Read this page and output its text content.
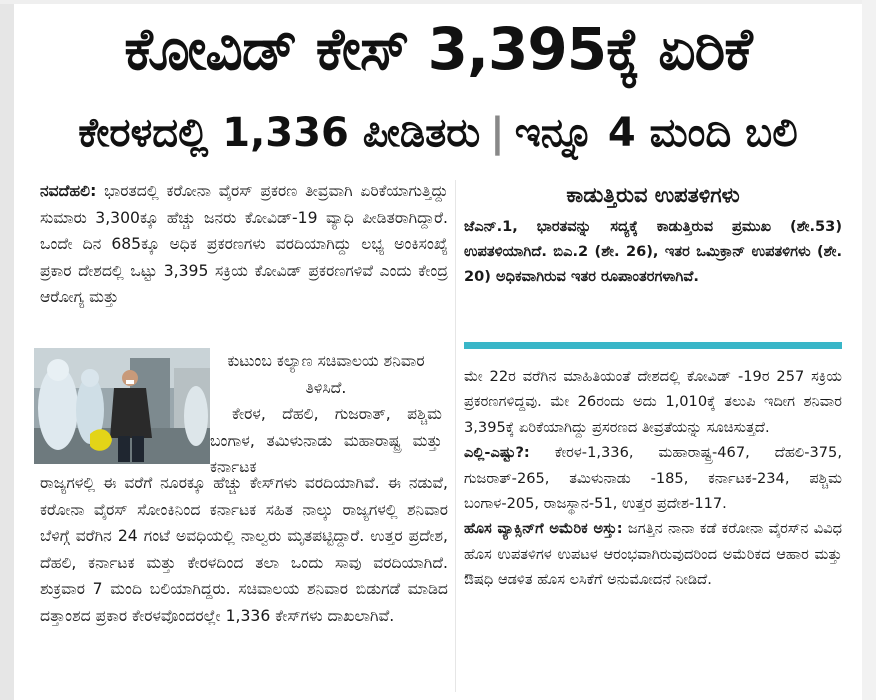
ಕೋವಿಡ್ ಕೇಸ್ 3,395ಕ್ಕೆ ಏರಿಕೆ
ಕೇರಳದಲ್ಲಿ 1,336 ಪೀಡಿತರು | ಇನ್ನೂ 4 ಮಂದಿ ಬಲಿ

ನವದೆಹಲಿ: ಭಾರತದಲ್ಲಿ ಕರೋನಾ ವೈರಸ್ ಪ್ರಕರಣ ತೀವ್ರವಾಗಿ ಏರಿಕೆಯಾಗುತ್ತಿದ್ದು ಸುಮಾರು 3,300ಕ್ಕೂ ಹೆಚ್ಚು ಜನರು ಕೋವಿಡ್-19 ವ್ಯಾಧಿ ಪೀಡಿತರಾಗಿದ್ದಾರೆ. ಒಂದೇ ದಿನ 685ಕ್ಕೂ ಅಧಿಕ ಪ್ರಕರಣಗಳು ವರದಿಯಾಗಿದ್ದು ಲಭ್ಯ ಅಂಕಿಸಂಖ್ಯೆ ಪ್ರಕಾರ ದೇಶದಲ್ಲಿ ಒಟ್ಟು 3,395 ಸಕ್ರಿಯ ಕೋವಿಡ್ ಪ್ರಕರಣಗಳಿವೆ ಎಂದು ಕೇಂದ್ರ ಆರೋಗ್ಯ ಮತ್ತು

ಕುಟುಂಬ ಕಲ್ಯಾಣ ಸಚಿವಾಲಯ ಶನಿವಾರ ತಿಳಿಸಿದೆ.

ಕೇರಳ, ದೆಹಲಿ, ಗುಜರಾತ್, ಪಶ್ಚಿಮ ಬಂಗಾಳ, ತಮಿಳುನಾಡು ಮಹಾರಾಷ್ಟ್ರ ಮತ್ತು ಕರ್ನಾಟಕ

ರಾಜ್ಯಗಳಲ್ಲಿ ಈ ವರೆಗೆ ನೂರಕ್ಕೂ ಹೆಚ್ಚು ಕೇಸ್‌ಗಳು ವರದಿಯಾಗಿವೆ. ಈ ನಡುವೆ, ಕರೋನಾ ವೈರಸ್ ಸೋಂಕಿನಿಂದ ಕರ್ನಾಟಕ ಸಹಿತ ನಾಲ್ಕು ರಾಜ್ಯಗಳಲ್ಲಿ ಶನಿವಾರ ಬೆಳಿಗ್ಗೆ ವರೆಗಿನ 24 ಗಂಟೆ ಅವಧಿಯಲ್ಲಿ ನಾಲ್ವರು ಮೃತಪಟ್ಟಿದ್ದಾರೆ. ಉತ್ತರ ಪ್ರದೇಶ, ದೆಹಲಿ, ಕರ್ನಾಟಕ ಮತ್ತು ಕೇರಳದಿಂದ ತಲಾ ಒಂದು ಸಾವು ವರದಿಯಾಗಿದೆ. ಶುಕ್ರವಾರ 7 ಮಂದಿ ಬಲಿಯಾಗಿದ್ದರು. ಸಚಿವಾಲಯ ಶನಿವಾರ ಬಿಡುಗಡೆ ಮಾಡಿದ ದತ್ತಾಂಶದ ಪ್ರಕಾರ ಕೇರಳವೊಂದರಲ್ಲೇ 1,336 ಕೇಸ್‌ಗಳು ದಾಖಲಾಗಿವೆ.

ಕಾಡುತ್ತಿರುವ ಉಪತಳಿಗಳು

ಜೆಎನ್.1, ಭಾರತವನ್ನು ಸದ್ಯಕ್ಕೆ ಕಾಡುತ್ತಿರುವ ಪ್ರಮುಖ (ಶೇ.53) ಉಪತಳಿಯಾಗಿದೆ. ಬಿಎ.2 (ಶೇ. 26), ಇತರ ಒಮಿಕ್ರಾನ್ ಉಪತಳಿಗಳು (ಶೇ. 20) ಅಧಿಕವಾಗಿರುವ ಇತರ ರೂಪಾಂತರಗಳಾಗಿವೆ.

ಮೇ 22ರ ವರೆಗಿನ ಮಾಹಿತಿಯಂತೆ ದೇಶದಲ್ಲಿ ಕೋವಿಡ್ -19ರ 257 ಸಕ್ರಿಯ ಪ್ರಕರಣಗಳಿದ್ದವು. ಮೇ 26ರಂದು ಅದು 1,010ಕ್ಕೆ ತಲುಪಿ ಇದೀಗ ಶನಿವಾರ 3,395ಕ್ಕೆ ಏರಿಕೆಯಾಗಿದ್ದು ಪ್ರಸರಣದ ತೀವ್ರತೆಯನ್ನು ಸೂಚಿಸುತ್ತದೆ.

ಎಲ್ಲಿ-ಎಷ್ಟು?: ಕೇರಳ-1,336, ಮಹಾರಾಷ್ಟ್ರ-467, ದೆಹಲಿ-375, ಗುಜರಾತ್-265, ತಮಿಳುನಾಡು -185, ಕರ್ನಾಟಕ-234, ಪಶ್ಚಿಮ ಬಂಗಾಳ-205, ರಾಜಸ್ಥಾನ-51, ಉತ್ತರ ಪ್ರದೇಶ-117.

ಹೊಸ ವ್ಯಾಕ್ಸಿನ್‌ಗೆ ಅಮೆರಿಕ ಅಸ್ತು: ಜಗತ್ತಿನ ನಾನಾ ಕಡೆ ಕರೋನಾ ವೈರಸ್‌ನ ವಿವಿಧ ಹೊಸ ಉಪತಳಿಗಳ ಉಪಟಳ ಆರಂಭವಾಗಿರುವುದರಿಂದ ಅಮೆರಿಕದ ಆಹಾರ ಮತ್ತು ಔಷಧಿ ಆಡಳಿತ ಹೊಸ ಲಸಿಕೆಗೆ ಅನುಮೋದನೆ ನೀಡಿದೆ.
